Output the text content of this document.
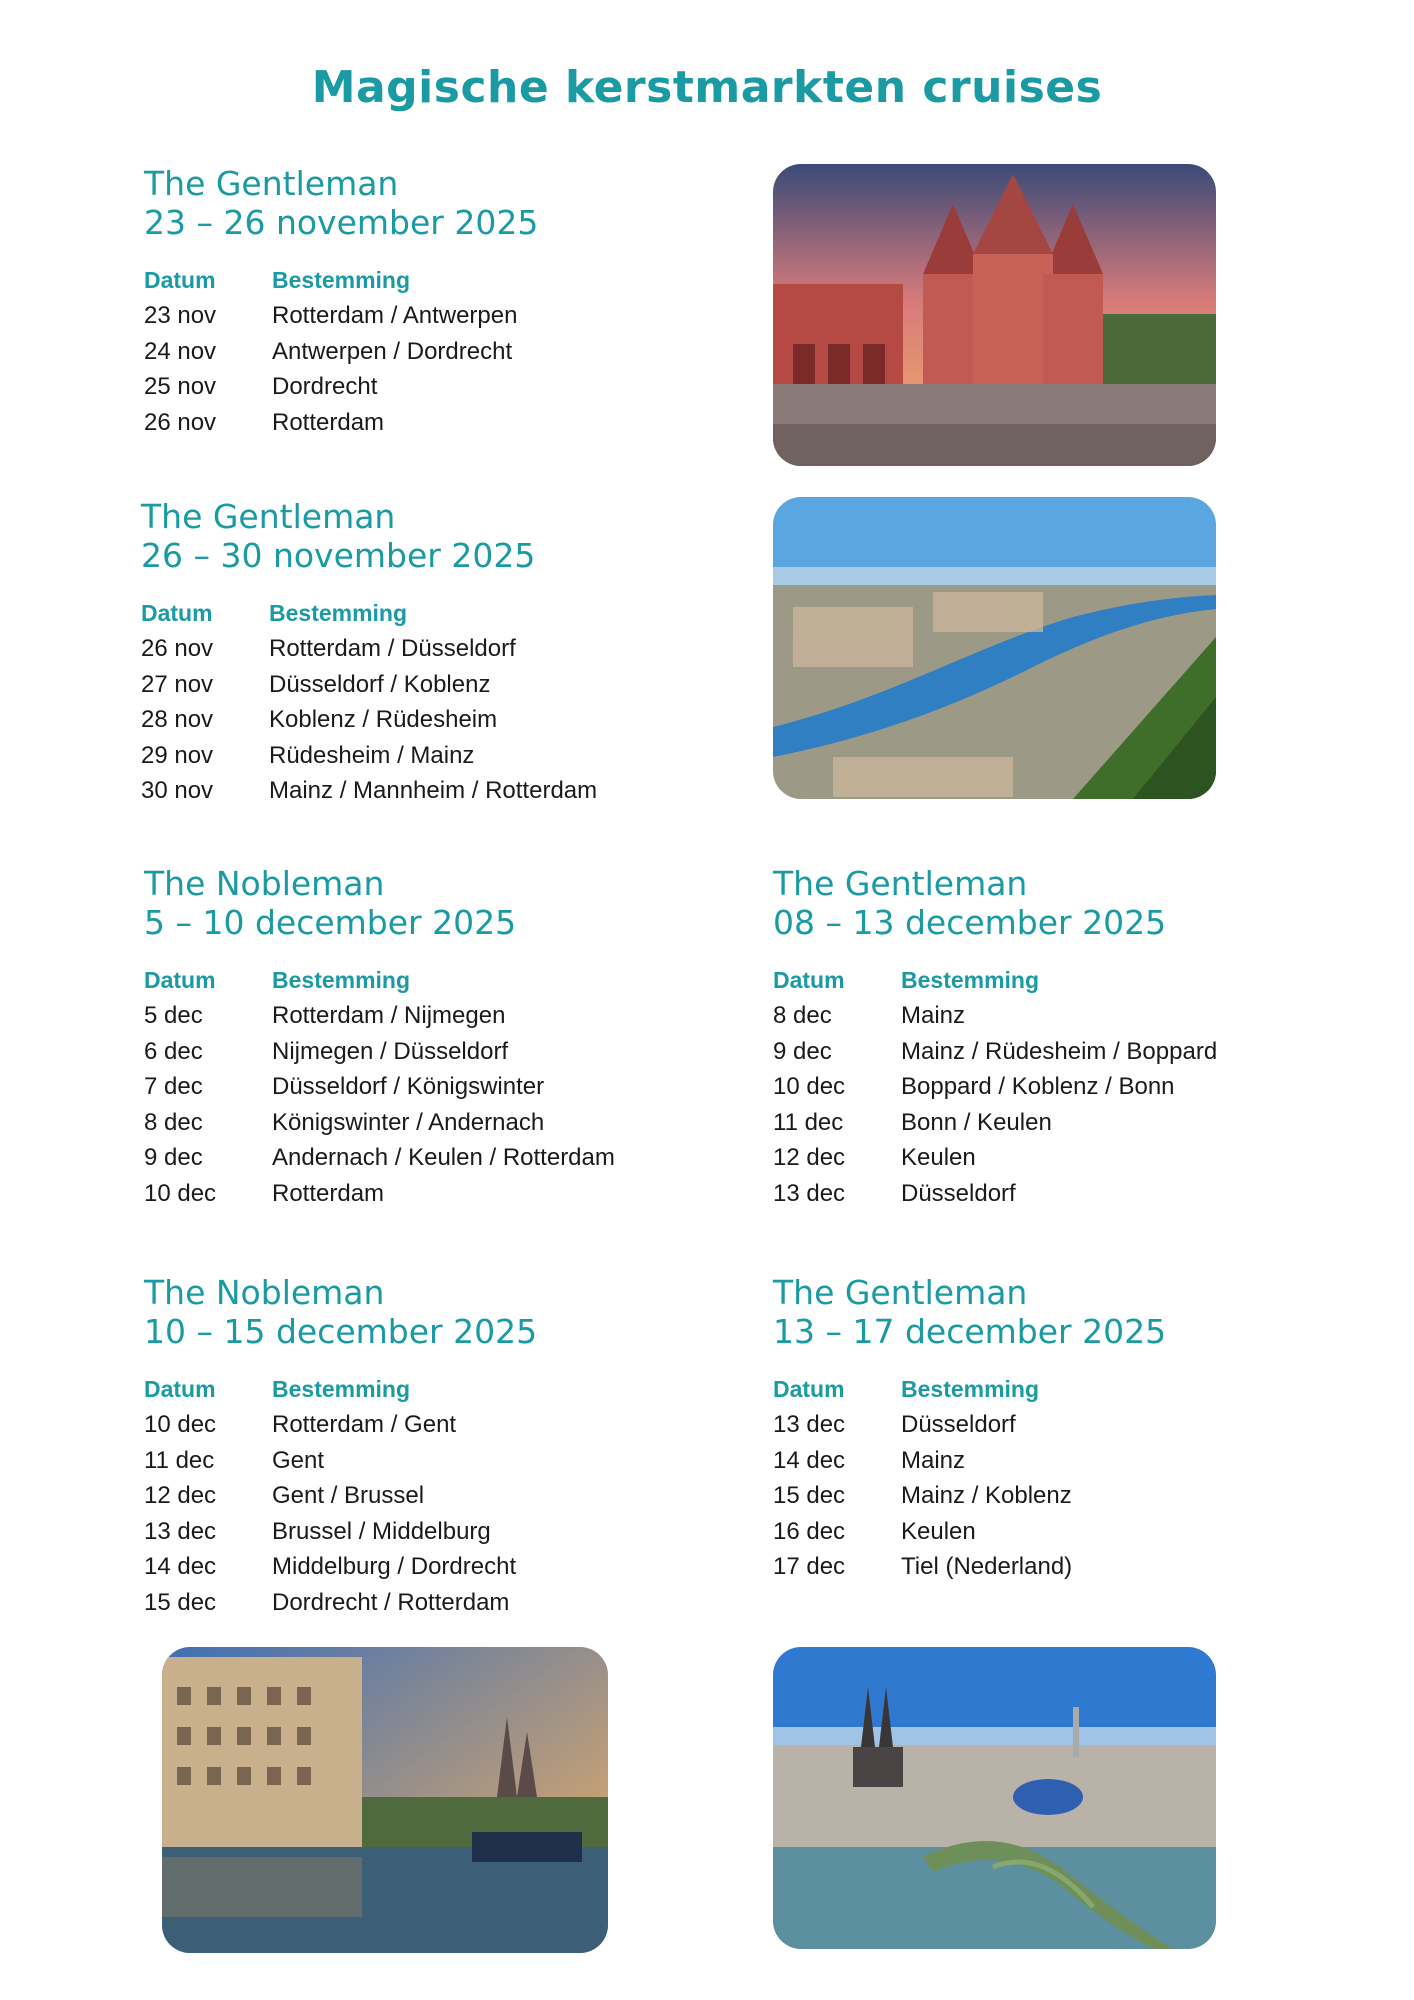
Magische kerstmarkten cruises
The Gentleman
23 – 26 november 2025
Datum	Bestemming
23 nov	Rotterdam / Antwerpen
24 nov	Antwerpen / Dordrecht
25 nov	Dordrecht
26 nov	Rotterdam
The Gentleman
26 – 30 november 2025
Datum	Bestemming
26 nov	Rotterdam / Düsseldorf
27 nov	Düsseldorf / Koblenz
28 nov	Koblenz / Rüdesheim
29 nov	Rüdesheim / Mainz
30 nov	Mainz / Mannheim / Rotterdam
The Nobleman
5 – 10 december 2025
Datum	Bestemming
5 dec	Rotterdam / Nijmegen
6 dec	Nijmegen / Düsseldorf
7 dec	Düsseldorf / Königswinter
8 dec	Königswinter / Andernach
9 dec	Andernach / Keulen / Rotterdam
10 dec	Rotterdam
The Gentleman
08 – 13 december 2025
Datum	Bestemming
8 dec	Mainz
9 dec	Mainz / Rüdesheim / Boppard
10 dec	Boppard / Koblenz / Bonn
11 dec	Bonn / Keulen
12 dec	Keulen
13 dec	Düsseldorf
The Nobleman
10 – 15 december 2025
Datum	Bestemming
10 dec	Rotterdam / Gent
11 dec	Gent
12 dec	Gent / Brussel
13 dec	Brussel / Middelburg
14 dec	Middelburg / Dordrecht
15 dec	Dordrecht / Rotterdam
The Gentleman
13 – 17 december 2025
Datum	Bestemming
13 dec	Düsseldorf
14 dec	Mainz
15 dec	Mainz / Koblenz
16 dec	Keulen
17 dec	Tiel (Nederland)
